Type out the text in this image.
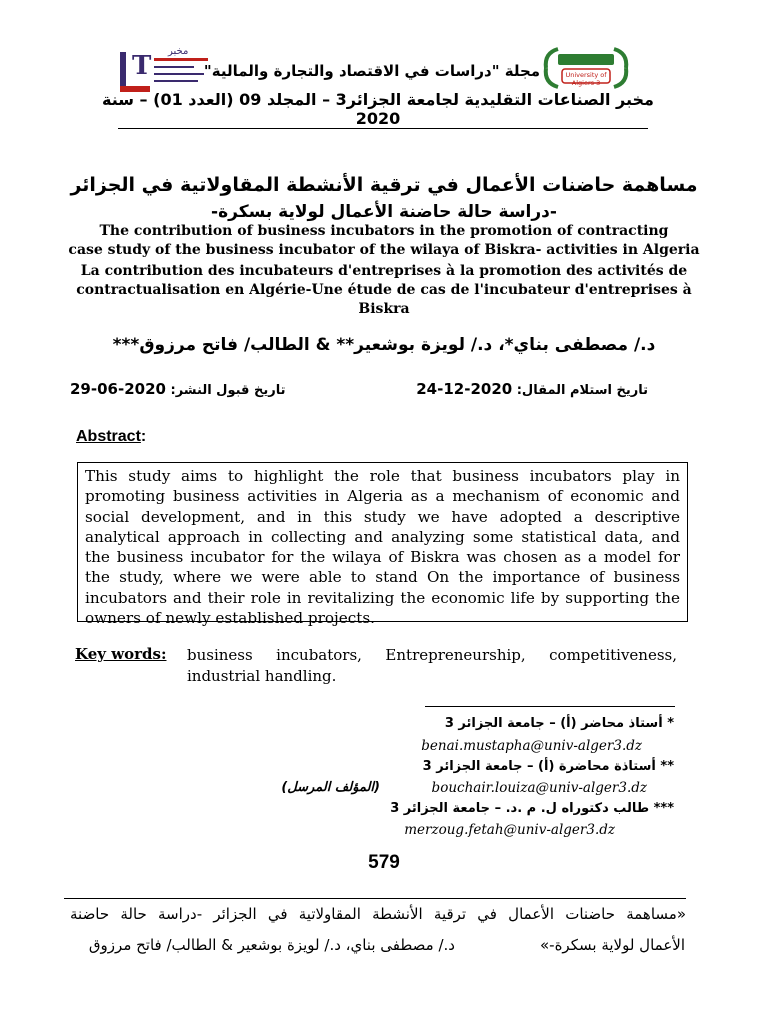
T مخبر
University of Algiers 3
مجلة "دراسات في الاقتصاد والتجارة والمالية"
مخبر الصناعات التقليدية لجامعة الجزائر3 – المجلد 09 (العدد 01) – سنة 2020
مساهمة حاضنات الأعمال في ترقية الأنشطة المقاولاتية في الجزائر
-دراسة حالة حاضنة الأعمال لولاية بسكرة-
The contribution of business incubators in the promotion of contracting
case study of the business incubator of the wilaya of Biskra- activities in Algeria
La contribution des incubateurs d'entreprises à la promotion des activités de
contractualisation en Algérie-Une étude de cas de l'incubateur d'entreprises à
Biskra
د./ مصطفى بناي*، د./ لويزة بوشعير** & الطالب/ فاتح مرزوق***
تاريخ استلام المقال: 2020-12-24
تاريخ قبول النشر: 2020-06-29
Abstract:
This study aims to highlight the role that business incubators play in promoting business activities in Algeria as a mechanism of economic and social development, and in this study we have adopted a descriptive analytical approach in collecting and analyzing some statistical data, and the business incubator for the wilaya of Biskra was chosen as a model for the study, where we were able to stand On the importance of business incubators and their role in revitalizing the economic life by supporting the owners of newly established projects.
Key words: business incubators, Entrepreneurship, competitiveness, industrial handling.
* أستاذ محاضر (أ) – جامعة الجزائر 3
benai.mustapha@univ-alger3.dz
** أستاذة محاضرة (أ) – جامعة الجزائر 3
bouchair.louiza@univ-alger3.dz
(المؤلف المرسل)
*** طالب دكتوراه ل. م .د. – جامعة الجزائر 3
merzoug.fetah@univ-alger3.dz
579
«مساهمة حاضنات الأعمال في ترقية الأنشطة المقاولاتية في الجزائر -دراسة حالة حاضنة
الأعمال لولاية بسكرة-»
د./ مصطفى بناي، د./ لويزة بوشعير & الطالب/ فاتح مرزوق
